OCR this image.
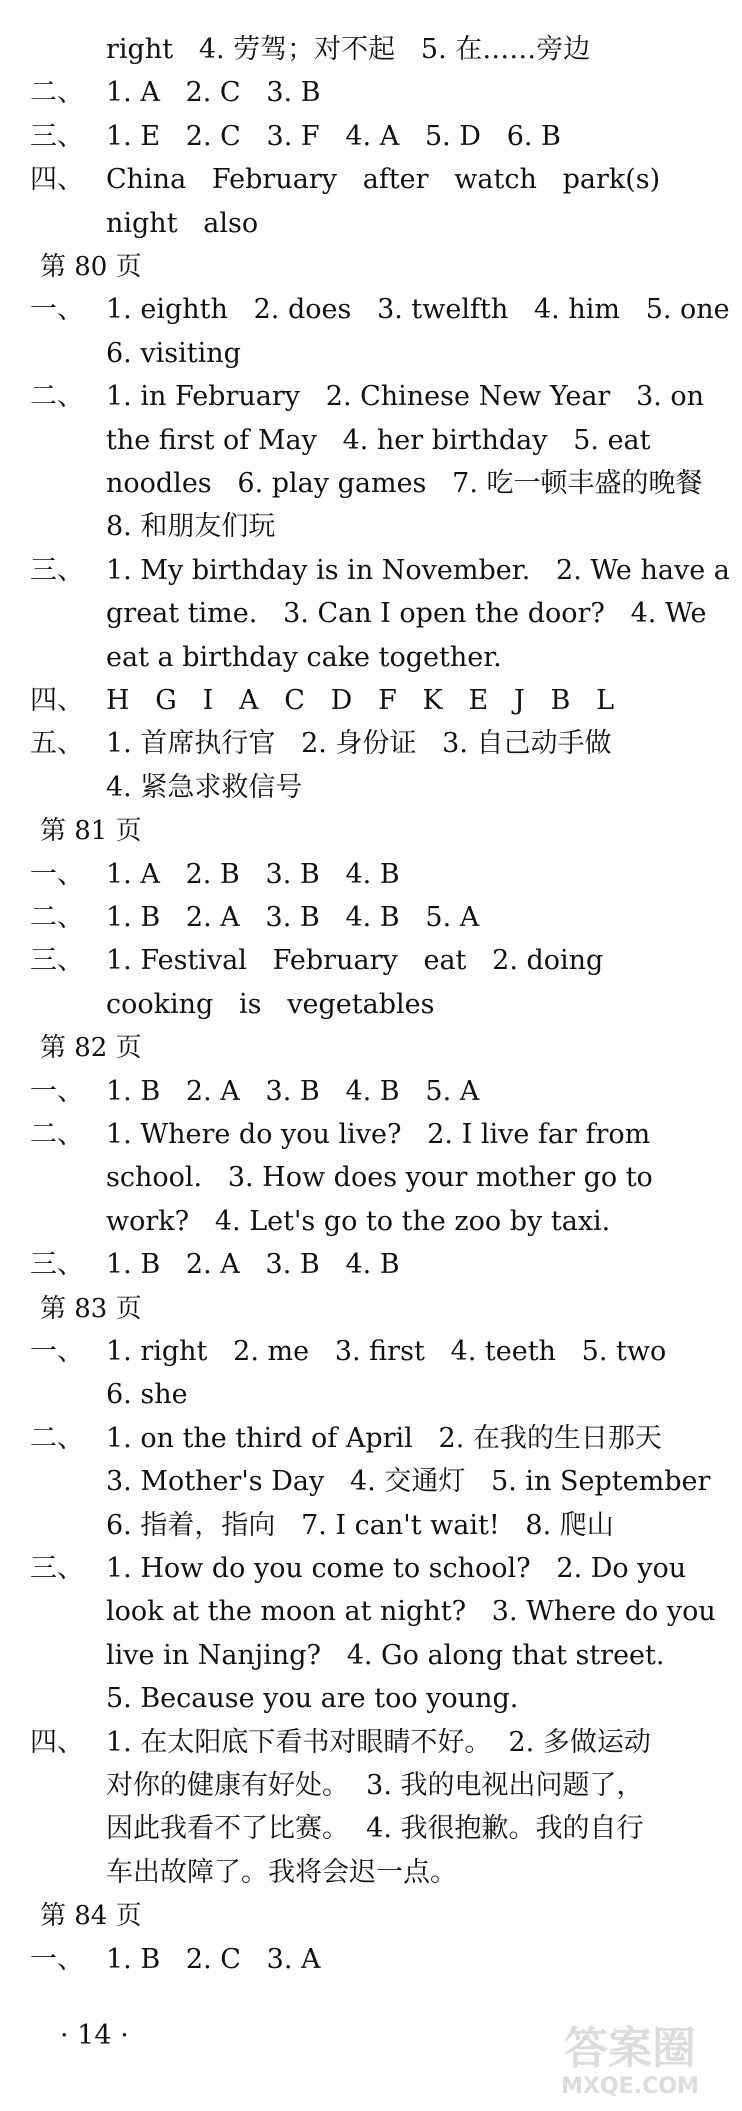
right   4. 劳驾；对不起   5. 在……旁边
二、 1. A   2. C   3. B
三、 1. E   2. C   3. F   4. A   5. D   6. B
四、 China   February   after   watch   park(s)
night   also
第 80 页
一、 1. eighth   2. does   3. twelfth   4. him   5. one
6. visiting
二、 1. in February   2. Chinese New Year   3. on
the first of May   4. her birthday   5. eat
noodles   6. play games   7. 吃一顿丰盛的晚餐
8. 和朋友们玩
三、 1. My birthday is in November.   2. We have a
great time.   3. Can I open the door?   4. We
eat a birthday cake together.
四、 H   G   I   A   C   D   F   K   E   J   B   L
五、 1. 首席执行官   2. 身份证   3. 自己动手做
4. 紧急求救信号
第 81 页
一、 1. A   2. B   3. B   4. B
二、 1. B   2. A   3. B   4. B   5. A
三、 1. Festival   February   eat   2. doing
cooking   is   vegetables
第 82 页
一、 1. B   2. A   3. B   4. B   5. A
二、 1. Where do you live?   2. I live far from
school.   3. How does your mother go to
work?   4. Let's go to the zoo by taxi.
三、 1. B   2. A   3. B   4. B
第 83 页
一、 1. right   2. me   3. first   4. teeth   5. two
6. she
二、 1. on the third of April   2. 在我的生日那天
3. Mother's Day   4. 交通灯   5. in September
6. 指着，指向   7. I can't wait!   8. 爬山
三、 1. How do you come to school?   2. Do you
look at the moon at night?   3. Where do you
live in Nanjing?   4. Go along that street.
5. Because you are too young.
四、 1. 在太阳底下看书对眼睛不好。  2. 多做运动
对你的健康有好处。  3. 我的电视出问题了，
因此我看不了比赛。  4. 我很抱歉。我的自行
车出故障了。我将会迟一点。
第 84 页
一、 1. B   2. C   3. A
· 14 ·	答案圈
MXQE.COM
